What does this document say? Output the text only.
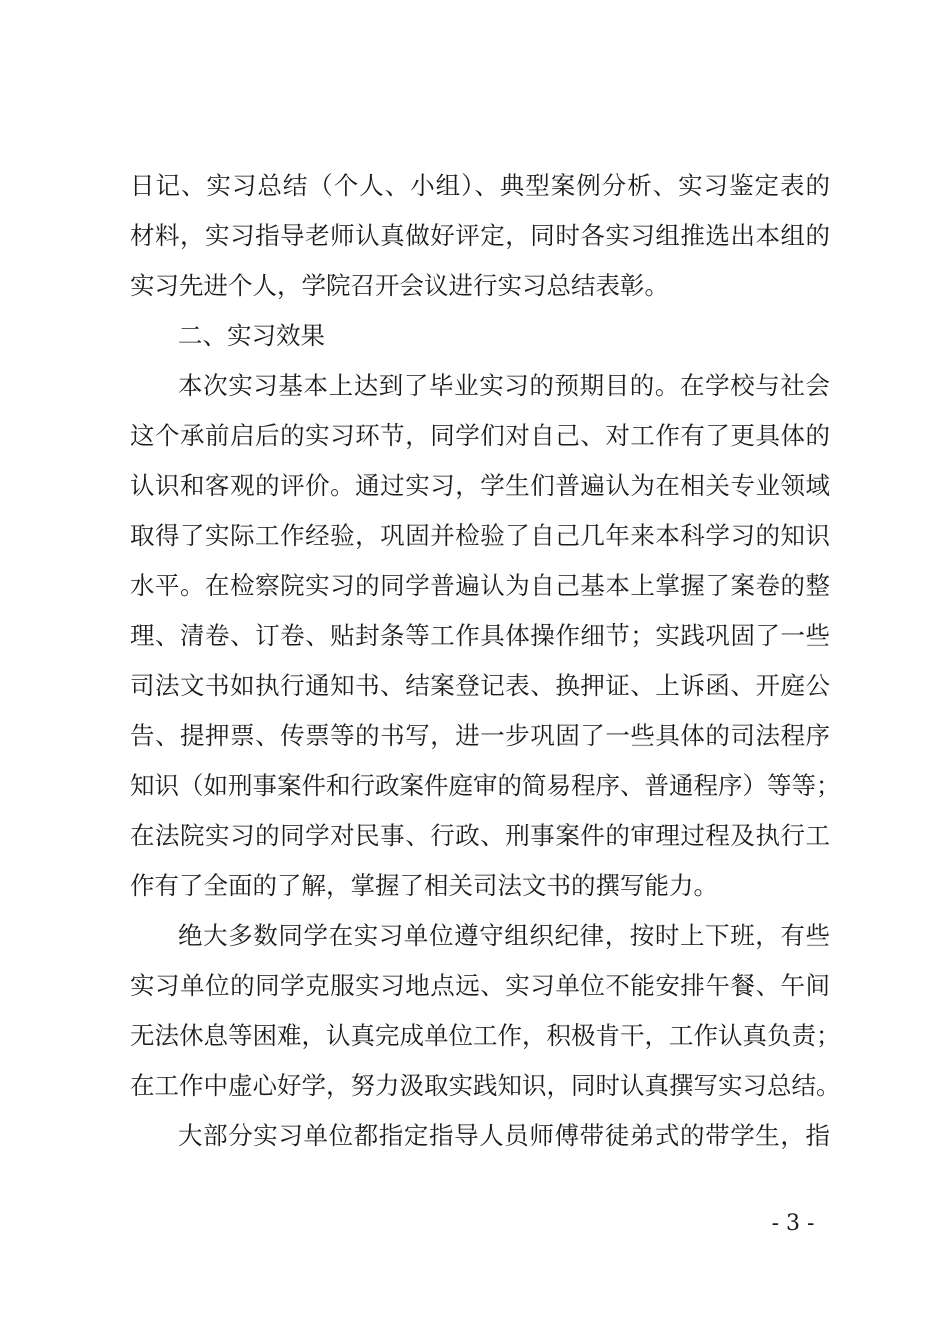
日记、实习总结（个人、小组）、典型案例分析、实习鉴定表的
材料，实习指导老师认真做好评定，同时各实习组推选出本组的
实习先进个人，学院召开会议进行实习总结表彰。
二、实习效果
本次实习基本上达到了毕业实习的预期目的。在学校与社会
这个承前启后的实习环节，同学们对自己、对工作有了更具体的
认识和客观的评价。通过实习，学生们普遍认为在相关专业领域
取得了实际工作经验，巩固并检验了自己几年来本科学习的知识
水平。在检察院实习的同学普遍认为自己基本上掌握了案卷的整
理、清卷、订卷、贴封条等工作具体操作细节；实践巩固了一些
司法文书如执行通知书、结案登记表、换押证、上诉函、开庭公
告、提押票、传票等的书写，进一步巩固了一些具体的司法程序
知识（如刑事案件和行政案件庭审的简易程序、普通程序）等等；
在法院实习的同学对民事、行政、刑事案件的审理过程及执行工
作有了全面的了解，掌握了相关司法文书的撰写能力。
绝大多数同学在实习单位遵守组织纪律，按时上下班，有些
实习单位的同学克服实习地点远、实习单位不能安排午餐、午间
无法休息等困难，认真完成单位工作，积极肯干，工作认真负责；
在工作中虚心好学，努力汲取实践知识，同时认真撰写实习总结。
大部分实习单位都指定指导人员师傅带徒弟式的带学生，指
- 3 -
